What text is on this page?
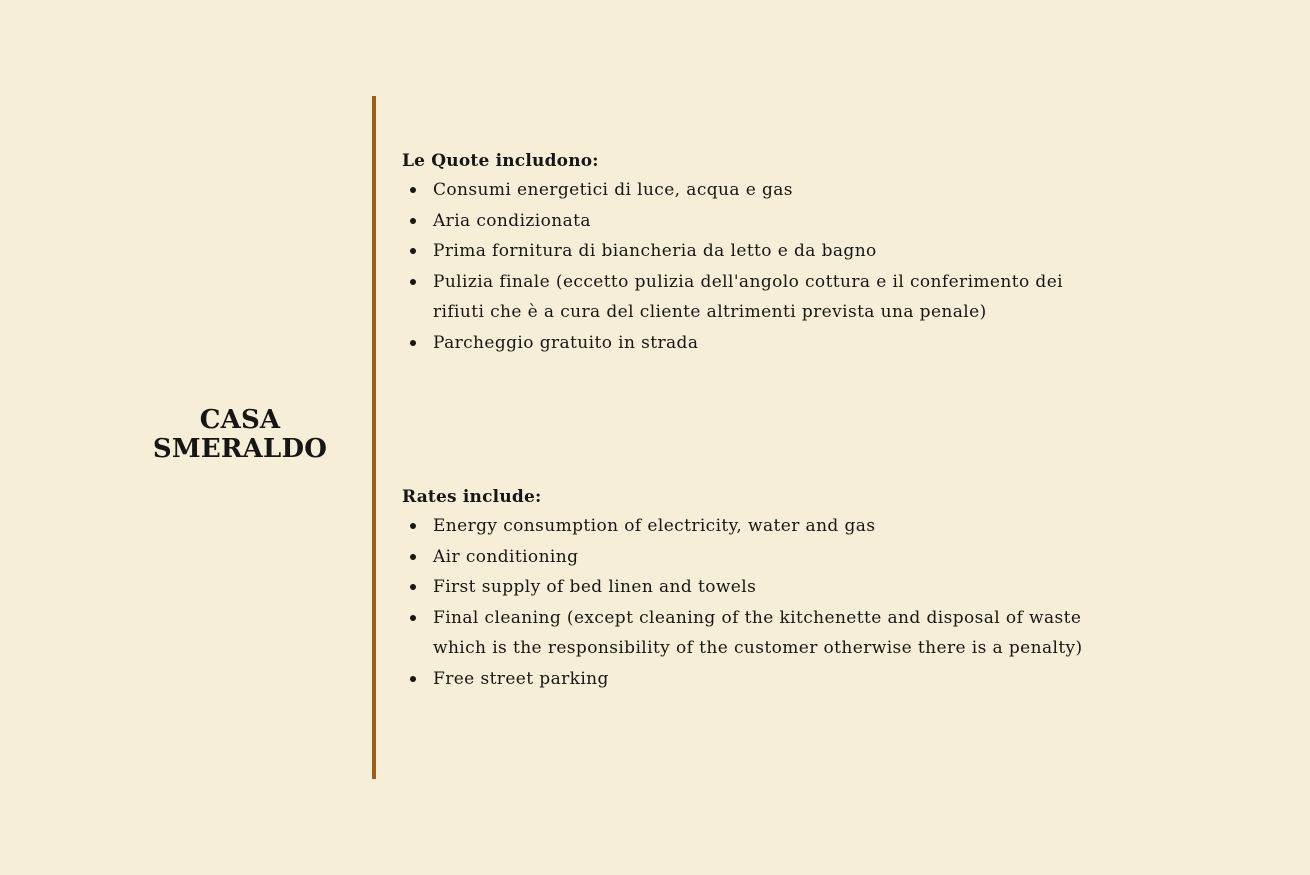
CASA
SMERALDO

Le Quote includono:

Consumi energetici di luce, acqua e gas
Aria condizionata
Prima fornitura di biancheria da letto e da bagno
Pulizia finale (eccetto pulizia dell'angolo cottura e il conferimento dei rifiuti che è a cura del cliente altrimenti prevista una penale)
Parcheggio gratuito in strada

Rates include:

Energy consumption of electricity, water and gas
Air conditioning
First supply of bed linen and towels
Final cleaning (except cleaning of the kitchenette and disposal of waste which is the responsibility of the customer otherwise there is a penalty)
Free street parking
